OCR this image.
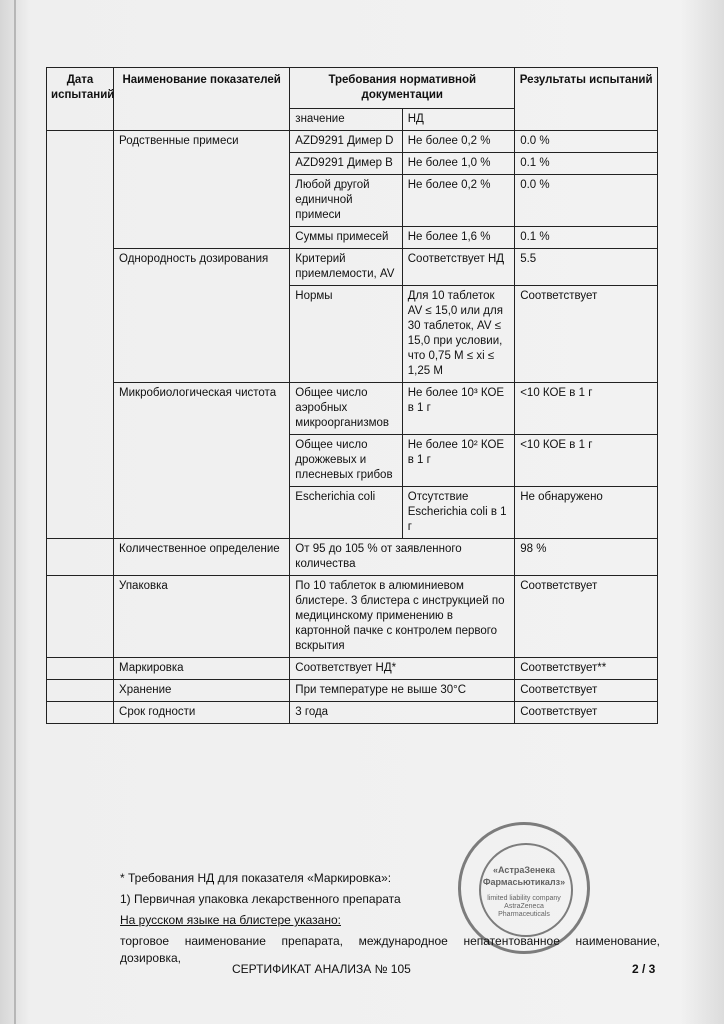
Дата испытаний	Наименование показателей	Требования нормативной документации		Результаты испытаний
		значение	НД	
	Родственные примеси	AZD9291 Димер D	Не более 0,2 %	0.0 %
		AZD9291 Димер B	Не более 1,0 %	0.1 %
		Любой другой единичной примеси	Не более 0,2 %	0.0 %
		Суммы примесей	Не более 1,6 %	0.1 %
	Однородность дозирования	Критерий приемлемости, AV	Соответствует НД	5.5
		Нормы	Для 10 таблеток AV ≤ 15,0 или для 30 таблеток, AV ≤ 15,0 при условии, что 0,75 M ≤ xi ≤ 1,25 M	Соответствует
	Микробиологическая чистота	Общее число аэробных микроорганизмов	Не более 10³ КОЕ в 1 г	<10 КОЕ в 1 г
		Общее число дрожжевых и плесневых грибов	Не более 10² КОЕ в 1 г	<10 КОЕ в 1 г
		Escherichia coli	Отсутствие Escherichia coli в 1 г	Не обнаружено
	Количественное определение	От 95 до 105 % от заявленного количества		98 %
	Упаковка	По 10 таблеток в алюминиевом блистере. 3 блистера с инструкцией по медицинскому применению в картонной пачке с контролем первого вскрытия		Соответствует
	Маркировка	Соответствует НД*		Соответствует**
	Хранение	При температуре не выше 30°С		Соответствует
	Срок годности	3 года		Соответствует
«АстраЗенека
Фармасьютикалз»
limited liability company AstraZeneca Pharmaceuticals

* Требования НД для показателя «Маркировка»:

1) Первичная упаковка лекарственного препарата

На русском языке на блистере указано:

торговое наименование препарата, международное непатентованное наименование, дозировка,

СЕРТИФИКАТ АНАЛИЗА № 105	2 / 3
